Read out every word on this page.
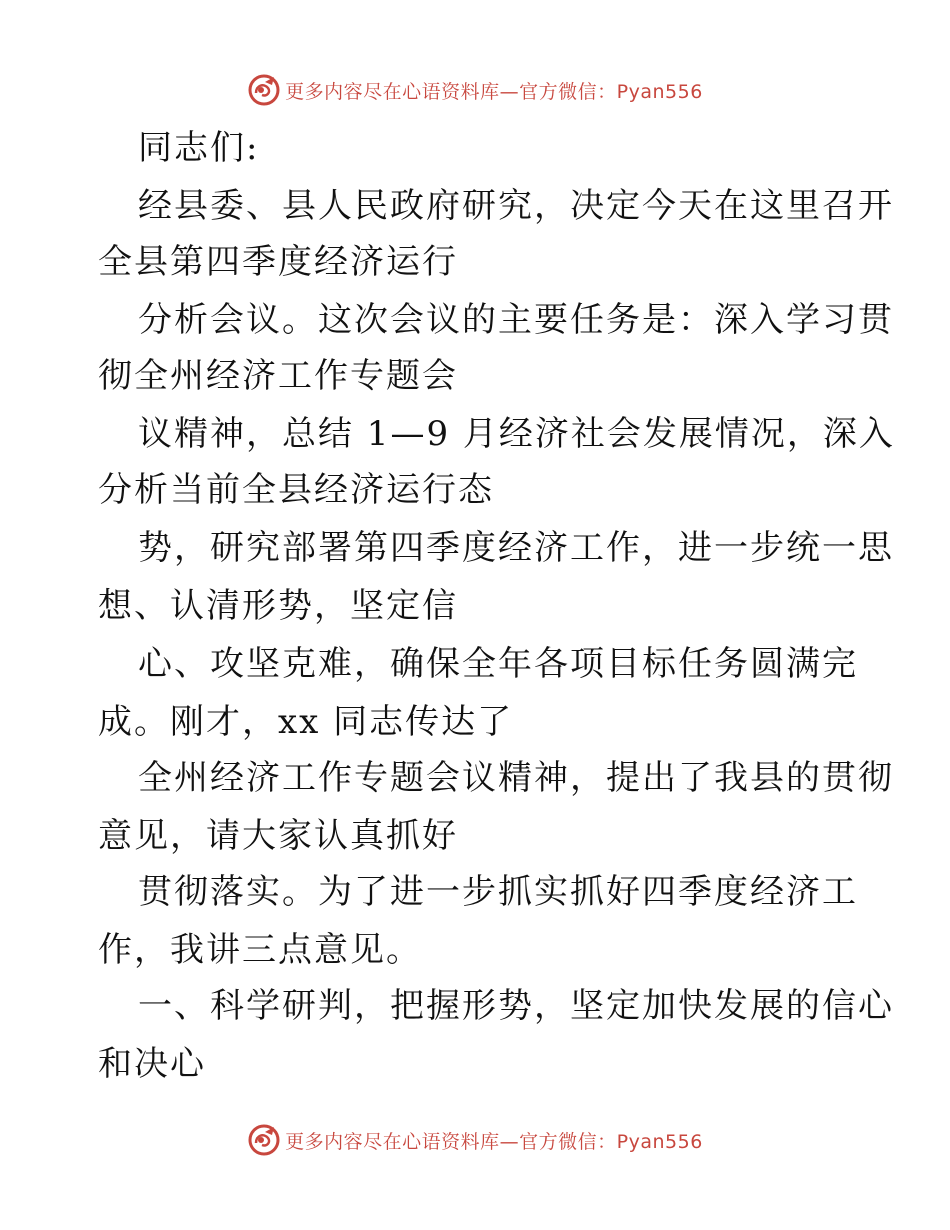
更多内容尽在心语资料库—官方微信：Pyan556
同志们:
经县委、县人民政府研究，决定今天在这里召开
全县第四季度经济运行
分析会议。这次会议的主要任务是：深入学习贯
彻全州经济工作专题会
议精神，总结 1—9 月经济社会发展情况，深入
分析当前全县经济运行态
势，研究部署第四季度经济工作，进一步统一思
想、认清形势，坚定信
心、攻坚克难，确保全年各项目标任务圆满完
成。刚才，xx 同志传达了
全州经济工作专题会议精神，提出了我县的贯彻
意见，请大家认真抓好
贯彻落实。为了进一步抓实抓好四季度经济工
作，我讲三点意见。
一、科学研判，把握形势，坚定加快发展的信心
和决心
更多内容尽在心语资料库—官方微信：Pyan556
